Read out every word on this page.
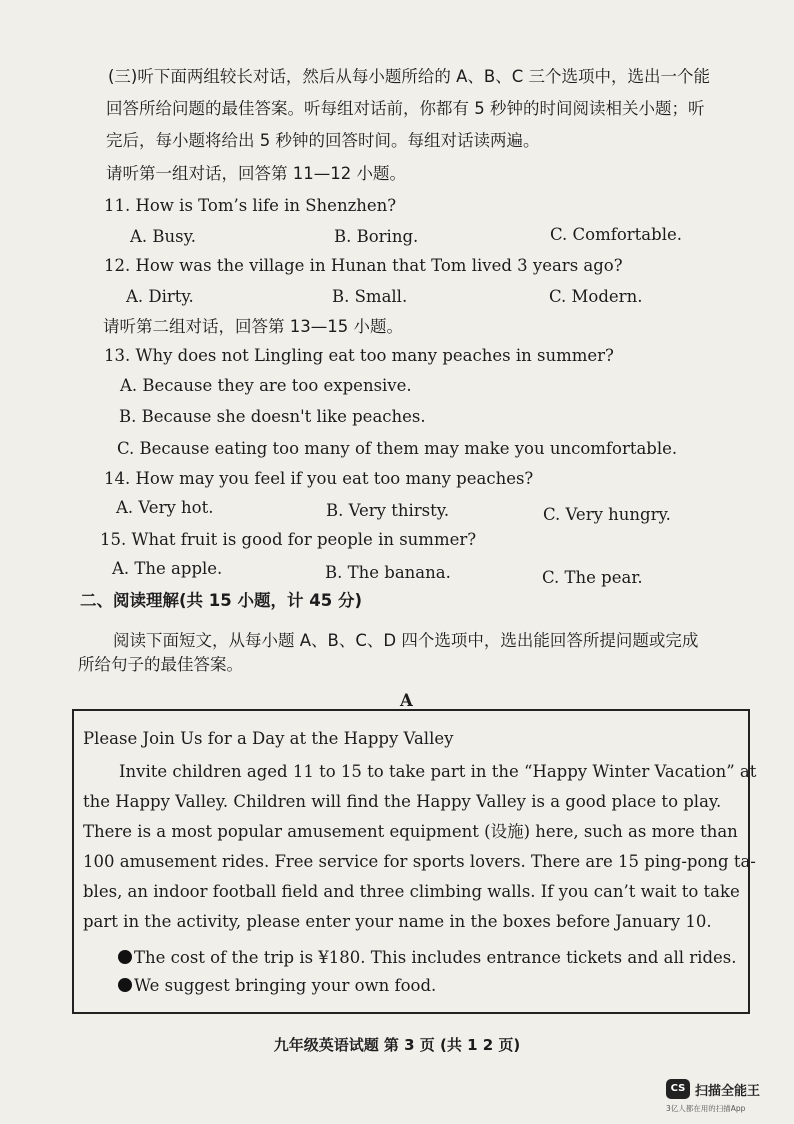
(三)听下面两组较长对话，然后从每小题所给的 A、B、C 三个选项中，选出一个能
回答所给问题的最佳答案。听每组对话前，你都有 5 秒钟的时间阅读相关小题；听
完后，每小题将给出 5 秒钟的回答时间。每组对话读两遍。
请听第一组对话，回答第 11—12 小题。
11. How is Tom’s life in Shenzhen?
A. Busy.	B. Boring.	C. Comfortable.
12. How was the village in Hunan that Tom lived 3 years ago?
A. Dirty.	B. Small.	C. Modern.
请听第二组对话，回答第 13—15 小题。
13. Why does not Lingling eat too many peaches in summer?
A. Because they are too expensive.
B. Because she doesn't like peaches.
C. Because eating too many of them may make you uncomfortable.
14. How may you feel if you eat too many peaches?
A. Very hot.	B. Very thirsty.	C. Very hungry.
15. What fruit is good for people in summer?
A. The apple.	B. The banana.	C. The pear.
二、阅读理解(共 15 小题，计 45 分)
阅读下面短文，从每小题 A、B、C、D 四个选项中，选出能回答所提问题或完成
所给句子的最佳答案。
A
Please Join Us for a Day at the Happy Valley
Invite children aged 11 to 15 to take part in the “Happy Winter Vacation” at
the Happy Valley. Children will find the Happy Valley is a good place to play.
There is a most popular amusement equipment (设施) here, such as more than
100 amusement rides. Free service for sports lovers. There are 15 ping-pong ta-
bles, an indoor football field and three climbing walls. If you can’t wait to take
part in the activity, please enter your name in the boxes before January 10.
The cost of the trip is ¥180. This includes entrance tickets and all rides.
We suggest bringing your own food.
九年级英语试题 第 3 页 (共 1 2 页)
CS 扫描全能王
3亿人都在用的扫描App
